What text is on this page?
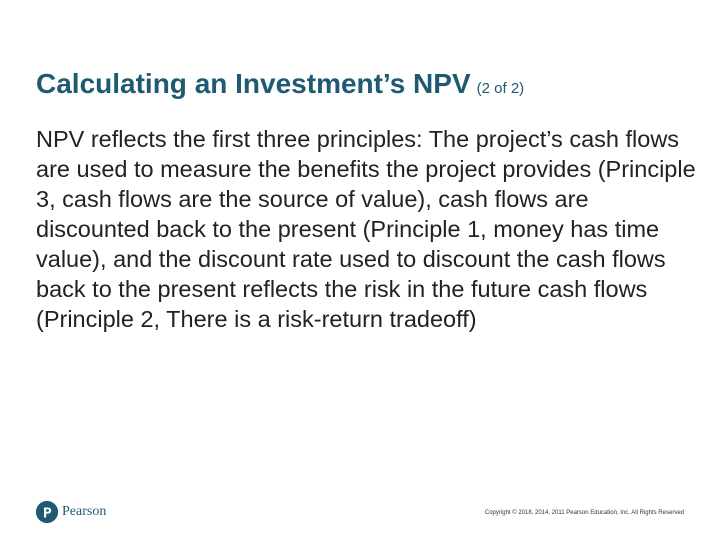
Calculating an Investment’s NPV (2 of 2)
NPV reflects the first three principles: The project’s cash flows are used to measure the benefits the project provides (Principle 3, cash flows are the source of value), cash flows are discounted back to the present (Principle 1, money has time value), and the discount rate used to discount the cash flows back to the present reflects the risk in the future cash flows (Principle 2, There is a risk-return tradeoff)
Pearson	Copyright © 2018, 2014, 2011 Pearson Education, Inc. All Rights Reserved
